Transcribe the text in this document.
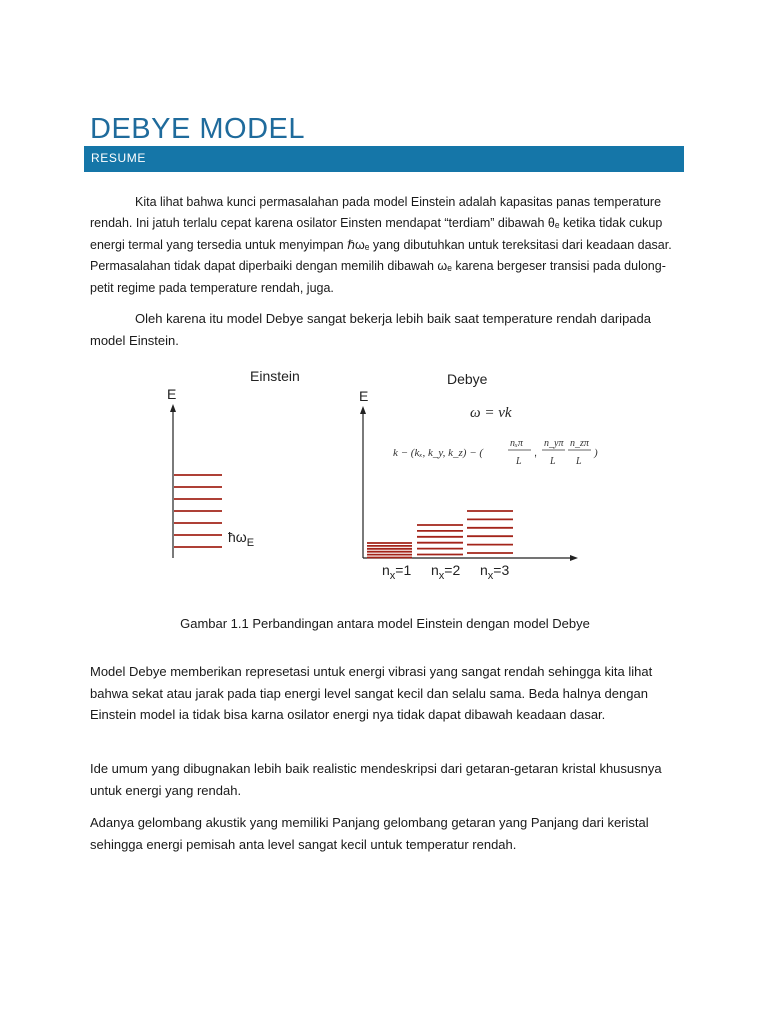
DEBYE MODEL
RESUME

Kita lihat bahwa kunci permasalahan pada model Einstein adalah kapasitas panas temperature rendah. Ini jatuh terlalu cepat karena osilator Einsten mendapat “terdiam” dibawah θₑ ketika tidak cukup energi termal yang tersedia untuk menyimpan ℏωₑ yang dibutuhkan untuk tereksitasi dari keadaan dasar. Permasalahan tidak dapat diperbaiki dengan memilih dibawah ωₑ karena bergeser transisi pada dulong-petit regime pada temperature rendah, juga.

Oleh karena itu model Debye sangat bekerja lebih baik saat temperature rendah daripada model Einstein.

Einstein
E
$ħ\omega_E$
Debye
E
ω = νk
k − (kₓ, k_y, k_z) − (
nₓπ
L
,
n_yπ
L
n_zπ
L
)
$n_x=1$ $n_x=2$ $n_x=3$
Gambar 1.1 Perbandingan antara model Einstein dengan model Debye

Model Debye memberikan represetasi untuk energi vibrasi yang sangat rendah sehingga kita lihat bahwa sekat atau jarak pada tiap energi level sangat kecil dan selalu sama. Beda halnya dengan Einstein model ia tidak bisa karna osilator energi nya tidak dapat dibawah keadaan dasar.

Ide umum yang dibugnakan lebih baik realistic mendeskripsi dari getaran-getaran kristal khususnya untuk energi yang rendah.

Adanya gelombang akustik yang memiliki Panjang gelombang getaran yang Panjang dari keristal sehingga energi pemisah anta level sangat kecil untuk temperatur rendah.
